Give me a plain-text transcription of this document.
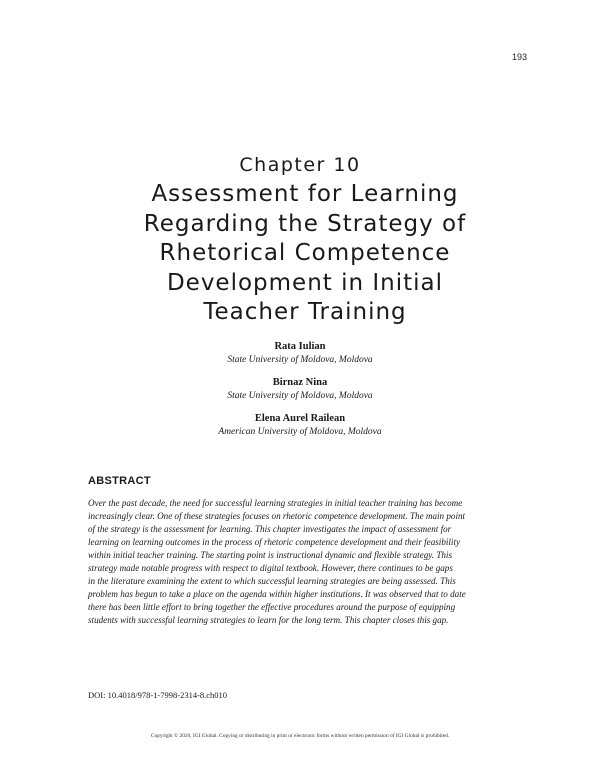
193
Chapter 10
Assessment for Learning
Regarding the Strategy of
Rhetorical Competence
Development in Initial
Teacher Training
Rata Iulian
State University of Moldova, Moldova
Birnaz Nina
State University of Moldova, Moldova
Elena Aurel Railean
American University of Moldova, Moldova
ABSTRACT
Over the past decade, the need for successful learning strategies in initial teacher training has become
increasingly clear. One of these strategies focuses on rhetoric competence development. The main point
of the strategy is the assessment for learning. This chapter investigates the impact of assessment for
learning on learning outcomes in the process of rhetoric competence development and their feasibility
within initial teacher training. The starting point is instructional dynamic and flexible strategy. This
strategy made notable progress with respect to digital textbook. However, there continues to be gaps
in the literature examining the extent to which successful learning strategies are being assessed. This
problem has begun to take a place on the agenda within higher institutions. It was observed that to date
there has been little effort to bring together the effective procedures around the purpose of equipping
students with successful learning strategies to learn for the long term. This chapter closes this gap.
DOI: 10.4018/978-1-7998-2314-8.ch010
Copyright © 2020, IGI Global. Copying or distributing in print or electronic forms without written permission of IGI Global is prohibited.
